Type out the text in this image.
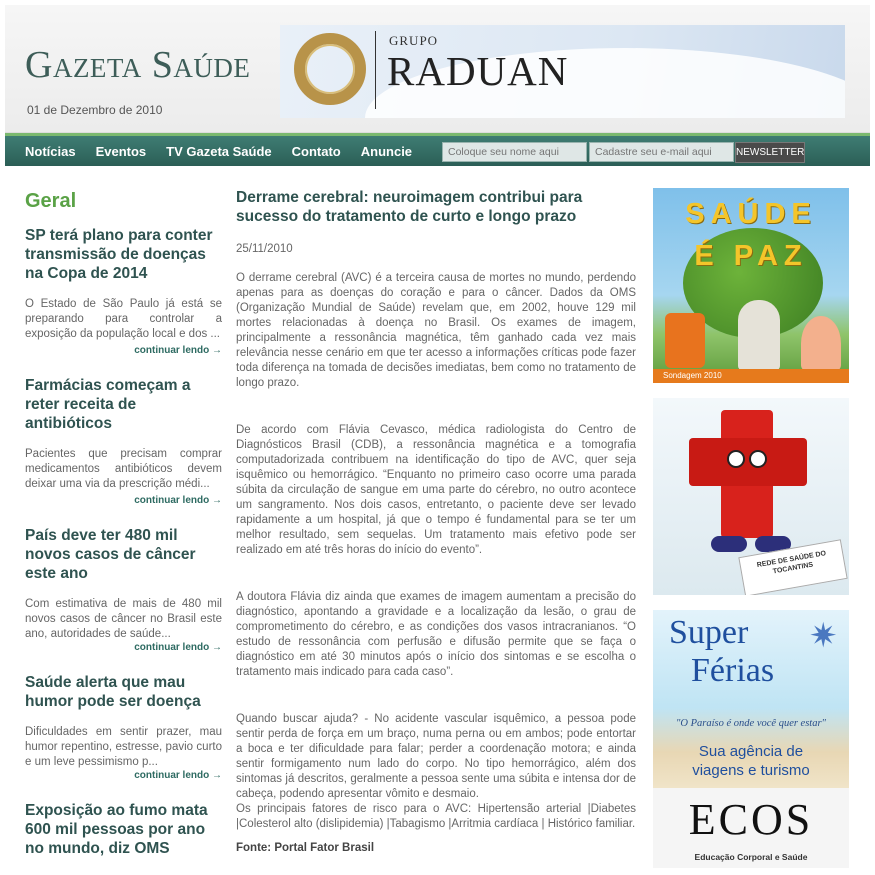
Gazeta Saúde
01 de Dezembro de 2010
GRUPO
RADUAN
Notícias Eventos TV Gazeta Saúde Contato Anuncie
Coloque seu nome aqui
Cadastre seu e-mail aqui	NEWSLETTER
Geral
SP terá plano para conter transmissão de doenças na Copa de 2014
O Estado de São Paulo já está se preparando para controlar a exposição da população local e dos ...
continuar lendo →
Farmácias começam a reter receita de antibióticos
Pacientes que precisam comprar medicamentos antibióticos devem deixar uma via da prescrição médi...
continuar lendo →
País deve ter 480 mil novos casos de câncer este ano
Com estimativa de mais de 480 mil novos casos de câncer no Brasil este ano, autoridades de saúde...
continuar lendo →
Saúde alerta que mau humor pode ser doença
Dificuldades em sentir prazer, mau humor repentino, estresse, pavio curto e um leve pessimismo p...
continuar lendo →
Exposição ao fumo mata 600 mil pessoas por ano no mundo, diz OMS
Derrame cerebral: neuroimagem contribui para sucesso do tratamento de curto e longo prazo
25/11/2010

O derrame cerebral (AVC) é a terceira causa de mortes no mundo, perdendo apenas para as doenças do coração e para o câncer. Dados da OMS (Organização Mundial de Saúde) revelam que, em 2002, houve 129 mil mortes relacionadas à doença no Brasil. Os exames de imagem, principalmente a ressonância magnética, têm ganhado cada vez mais relevância nesse cenário em que ter acesso a informações críticas pode fazer toda diferença na tomada de decisões imediatas, bem como no tratamento de longo prazo.

De acordo com Flávia Cevasco, médica radiologista do Centro de Diagnósticos Brasil (CDB), a ressonância magnética e a tomografia computadorizada contribuem na identificação do tipo de AVC, quer seja isquêmico ou hemorrágico. “Enquanto no primeiro caso ocorre uma parada súbita da circulação de sangue em uma parte do cérebro, no outro acontece um sangramento. Nos dois casos, entretanto, o paciente deve ser levado rapidamente a um hospital, já que o tempo é fundamental para se ter um melhor resultado, sem sequelas. Um tratamento mais efetivo pode ser realizado em até três horas do início do evento”.

A doutora Flávia diz ainda que exames de imagem aumentam a precisão do diagnóstico, apontando a gravidade e a localização da lesão, o grau de comprometimento do cérebro, e as condições dos vasos intracranianos. “O estudo de ressonância com perfusão e difusão permite que se faça o diagnóstico em até 30 minutos após o início dos sintomas e se escolha o tratamento mais indicado para cada caso”.

Quando buscar ajuda? - No acidente vascular isquêmico, a pessoa pode sentir perda de força em um braço, numa perna ou em ambos; pode entortar a boca e ter dificuldade para falar; perder a coordenação motora; e ainda sentir formigamento num lado do corpo. No tipo hemorrágico, além dos sintomas já descritos, geralmente a pessoa sente uma súbita e intensa dor de cabeça, podendo apresentar vômito e desmaio.

Os principais fatores de risco para o AVC: Hipertensão arterial |Diabetes |Colesterol alto (dislipidemia) |Tabagismo |Arritmia cardíaca | Histórico familiar.

Fonte: Portal Fator Brasil
SAÚDE
É PAZ
Sondagem 2010
REDE DE SAÚDE DO TOCANTINS
Super ✷
Férias
"O Paraíso é onde você quer estar"
Sua agência de
viagens e turismo
ECOS
Educação Corporal e Saúde
